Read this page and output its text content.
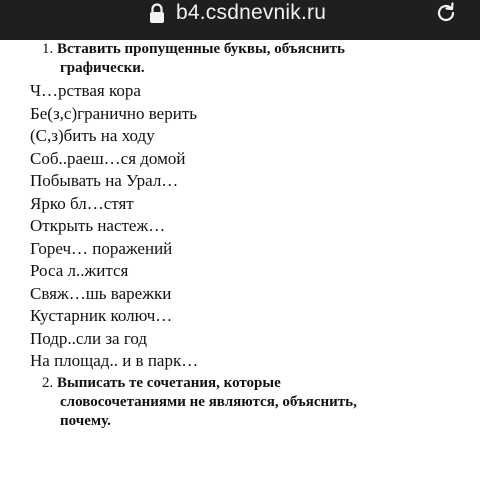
b4.csdnevnik.ru
1. Вставить пропущенные буквы, объяснить
графически.
Ч…рствая кора
Бе(з,с)гранично верить
(С,з)бить на ходу
Соб..раеш…ся домой
Побывать на Урал…
Ярко бл…стят
Открыть настеж…
Гореч… поражений
Роса л..жится
Свяж…шь варежки
Кустарник колюч…
Подр..сли за год
На площад.. и в парк…
2. Выписать те сочетания, которые
словосочетаниями не являются, объяснить,
почему.
